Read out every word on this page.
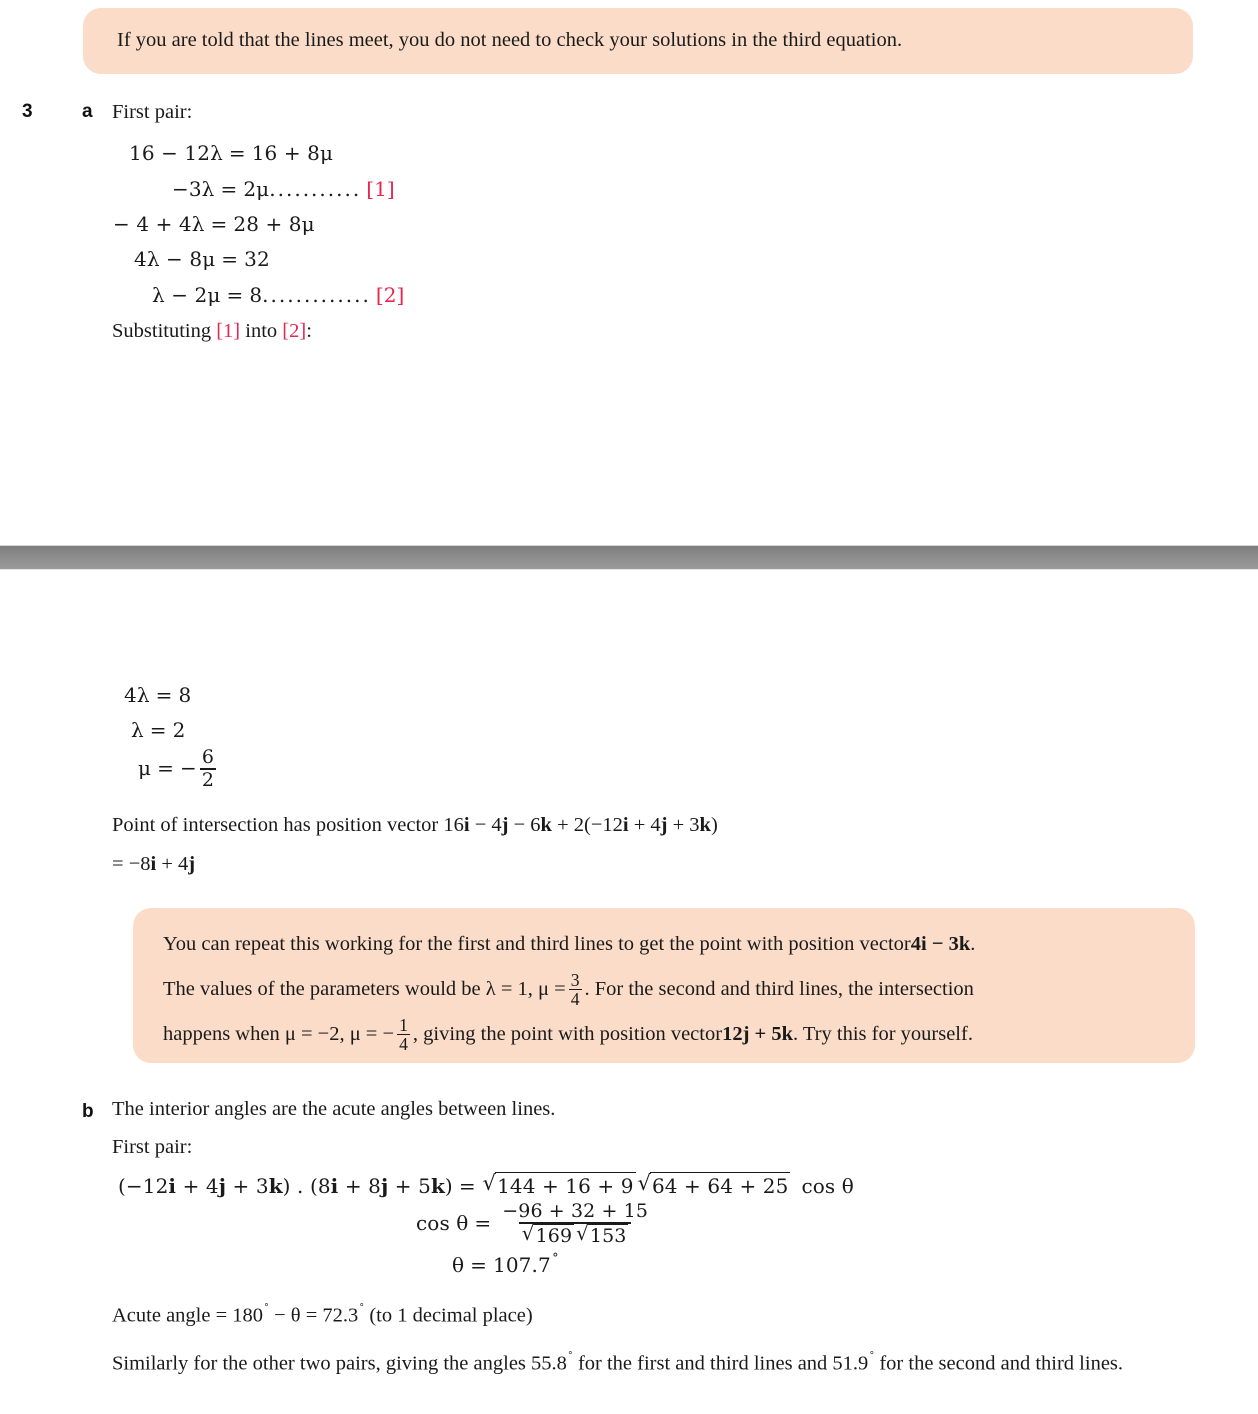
If you are told that the lines meet, you do not need to check your solutions in the third equation.
3	a First pair:
16 − 12λ = 16 + 8μ
−3λ = 2μ........... [1]
− 4 + 4λ = 28 + 8μ
4λ − 8μ = 32
λ − 2μ = 8............. [2]
Substituting [1] into [2]:
4λ = 8
λ = 2
μ = − $\frac{6}{2}$
Point of intersection has position vector 16i − 4j − 6k + 2(−12i + 4j + 3k)
= −8i + 4j
You can repeat this working for the first and third lines to get the point with position vector 4i − 3k .
The values of the parameters would be λ = 1, $\mu = \frac{3}{4}$ . For the second and third lines, the intersection
happens when μ = −2, μ = − $\frac{1}{4}$ , giving the point with position vector 12j + 5k . Try this for yourself.
b The interior angles are the acute angles between lines.
First pair:
(−12i + 4j + 3k) . (8i + 8j + 5k) = √ 144 + 16 + 9 √ 64 + 64 + 25 cos θ
cos θ = −96 + 32 + 15
√ 169 √ 153
θ = 107.7˚
Acute angle = 180˚ − θ = 72.3˚ (to 1 decimal place)
Similarly for the other two pairs, giving the angles 55.8˚ for the first and third lines and 51.9˚ for the second and third lines.
